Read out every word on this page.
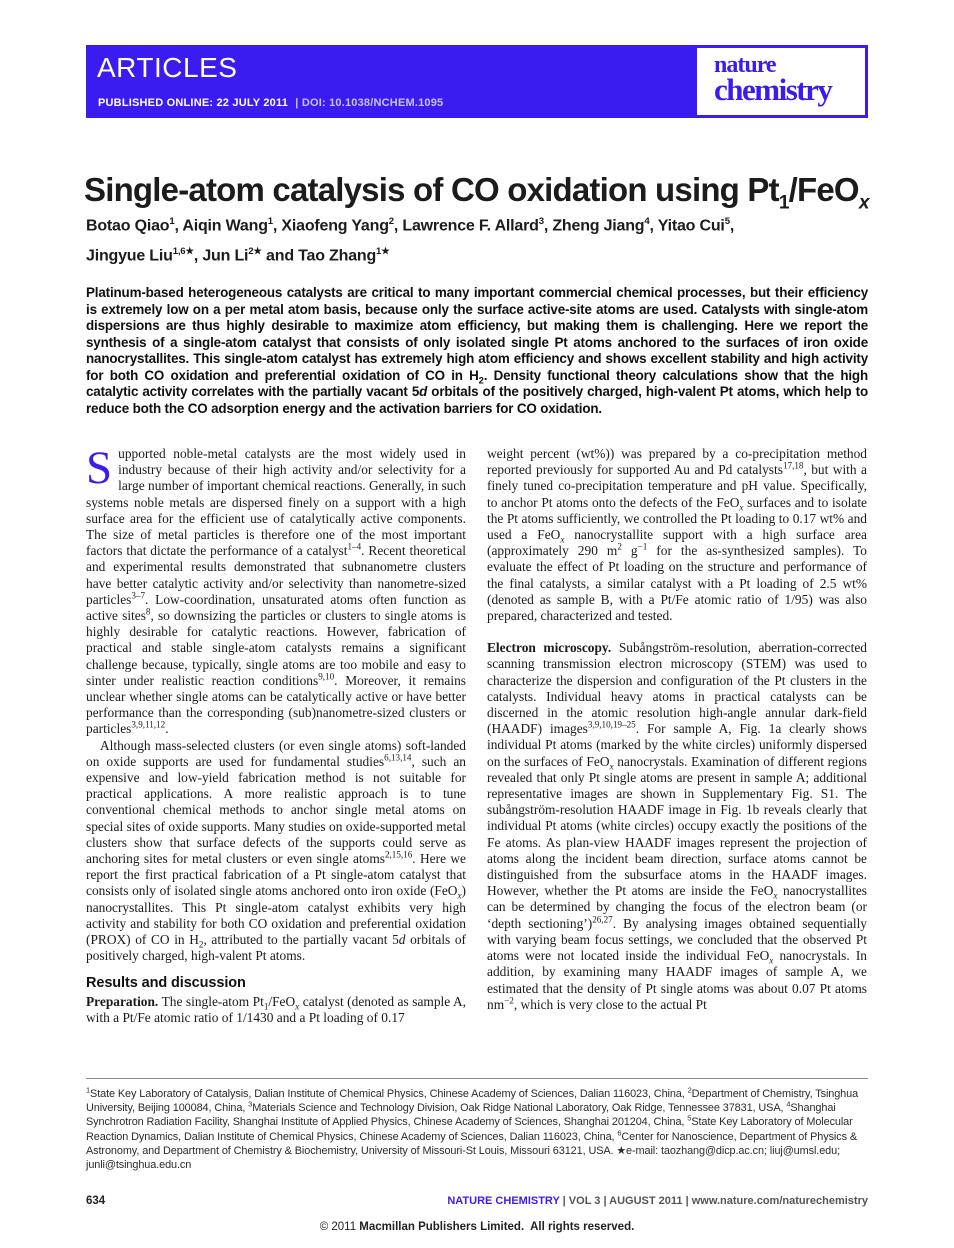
ARTICLES
PUBLISHED ONLINE: 22 JULY 2011 | DOI: 10.1038/NCHEM.1095
nature
chemistry
Single-atom catalysis of CO oxidation using $Pt_1/FeO_x$
Botao Qiao$^1$, Aiqin Wang$^1$, Xiaofeng Yang$^2$, Lawrence F. Allard$^3$, Zheng Jiang$^4$, Yitao Cui$^5$,
Jingyue Liu$^{1,6★}$, Jun $Li^{2★}$ and Tao Zhang$^{1★}$
Platinum-based heterogeneous catalysts are critical to many important commercial chemical processes, but their efficiency is extremely low on a per metal atom basis, because only the surface active-site atoms are used. Catalysts with single-atom dispersions are thus highly desirable to maximize atom efficiency, but making them is challenging. Here we report the synthesis of a single-atom catalyst that consists of only isolated single Pt atoms anchored to the surfaces of iron oxide nanocrystallites. This single-atom catalyst has extremely high atom efficiency and shows excellent stability and high activity for both CO oxidation and preferential oxidation of CO in $H_2$. Density functional theory calculations show that the high catalytic activity correlates with the partially vacant 5d orbitals of the positively charged, high-valent Pt atoms, which help to reduce both the CO adsorption energy and the activation barriers for CO oxidation.

Supported noble-metal catalysts are the most widely used in industry because of their high activity and/or selectivity for a large number of important chemical reactions. Generally, in such systems noble metals are dispersed finely on a support with a high surface area for the efficient use of catalytically active components. The size of metal particles is therefore one of the most important factors that dictate the performance of a catalyst$^{1-4}$. Recent theoretical and experimental results demonstrated that subnanometre clusters have better catalytic activity and/or selectivity than nanometre-sized particles$^{3-7}$. Low-coordination, unsaturated atoms often function as active sites$^8$, so downsizing the particles or clusters to single atoms is highly desirable for catalytic reactions. However, fabrication of practical and stable single-atom catalysts remains a significant challenge because, typically, single atoms are too mobile and easy to sinter under realistic reaction conditions$^{9,10}$. Moreover, it remains unclear whether single atoms can be catalytically active or have better performance than the corresponding (sub)nanometre-sized clusters or particles$^{3,9,11,12}$.

Although mass-selected clusters (or even single atoms) soft-landed on oxide supports are used for fundamental studies$^{6,13,14}$, such an expensive and low-yield fabrication method is not suitable for practical applications. A more realistic approach is to tune conventional chemical methods to anchor single metal atoms on special sites of oxide supports. Many studies on oxide-supported metal clusters show that surface defects of the supports could serve as anchoring sites for metal clusters or even single atoms$^{2,15,16}$. Here we report the first practical fabrication of a Pt single-atom catalyst that consists only of isolated single atoms anchored onto iron oxide (FeO$_x$) nanocrystallites. This Pt single-atom catalyst exhibits very high activity and stability for both CO oxidation and preferential oxidation (PROX) of CO in $H_2$, attributed to the partially vacant 5d orbitals of positively charged, high-valent Pt atoms.

Results and discussion

Preparation. The single-atom $Pt_1/FeO_x$ catalyst (denoted as sample A, with a Pt/Fe atomic ratio of 1/1430 and a Pt loading of 0.17

weight percent (wt%)) was prepared by a co-precipitation method reported previously for supported Au and Pd catalysts$^{17,18}$, but with a finely tuned co-precipitation temperature and pH value. Specifically, to anchor Pt atoms onto the defects of the FeO$_x$ surfaces and to isolate the Pt atoms sufficiently, we controlled the Pt loading to 0.17 wt% and used a FeO$_x$ nanocrystallite support with a high surface area (approximately 290 $m^2$ $g^{-1}$ for the as-synthesized samples). To evaluate the effect of Pt loading on the structure and performance of the final catalysts, a similar catalyst with a Pt loading of 2.5 wt% (denoted as sample B, with a Pt/Fe atomic ratio of 1/95) was also prepared, characterized and tested.

Electron microscopy. Subångström-resolution, aberration-corrected scanning transmission electron microscopy (STEM) was used to characterize the dispersion and configuration of the Pt clusters in the catalysts. Individual heavy atoms in practical catalysts can be discerned in the atomic resolution high-angle annular dark-field (HAADF) images$^{3,9,10,19-25}$. For sample A, Fig. 1a clearly shows individual Pt atoms (marked by the white circles) uniformly dispersed on the surfaces of FeO$_x$ nanocrystals. Examination of different regions revealed that only Pt single atoms are present in sample A; additional representative images are shown in Supplementary Fig. S1. The subångström-resolution HAADF image in Fig. 1b reveals clearly that individual Pt atoms (white circles) occupy exactly the positions of the Fe atoms. As plan-view HAADF images represent the projection of atoms along the incident beam direction, surface atoms cannot be distinguished from the subsurface atoms in the HAADF images. However, whether the Pt atoms are inside the FeO$_x$ nanocrystallites can be determined by changing the focus of the electron beam (or ‘depth sectioning’)$^{26,27}$. By analysing images obtained sequentially with varying beam focus settings, we concluded that the observed Pt atoms were not located inside the individual FeO$_x$ nanocrystals. In addition, by examining many HAADF images of sample A, we estimated that the density of Pt single atoms was about 0.07 Pt atoms $nm^{-2}$, which is very close to the actual Pt

$^1$State Key Laboratory of Catalysis, Dalian Institute of Chemical Physics, Chinese Academy of Sciences, Dalian 116023, China, $^2$Department of Chemistry, Tsinghua University, Beijing 100084, China, $^3$Materials Science and Technology Division, Oak Ridge National Laboratory, Oak Ridge, Tennessee 37831, USA, $^4$Shanghai Synchrotron Radiation Facility, Shanghai Institute of Applied Physics, Chinese Academy of Sciences, Shanghai 201204, China, $^5$State Key Laboratory of Molecular Reaction Dynamics, Dalian Institute of Chemical Physics, Chinese Academy of Sciences, Dalian 116023, China, $^6$Center for Nanoscience, Department of Physics & Astronomy, and Department of Chemistry & Biochemistry, University of Missouri-St Louis, Missouri 63121, USA. ★e-mail: taozhang@dicp.ac.cn; liuj@umsl.edu; junli@tsinghua.edu.cn
634	NATURE CHEMISTRY | VOL 3 | AUGUST 2011 | www.nature.com/naturechemistry
© 2011 Macmillan Publishers Limited.  All rights reserved.
